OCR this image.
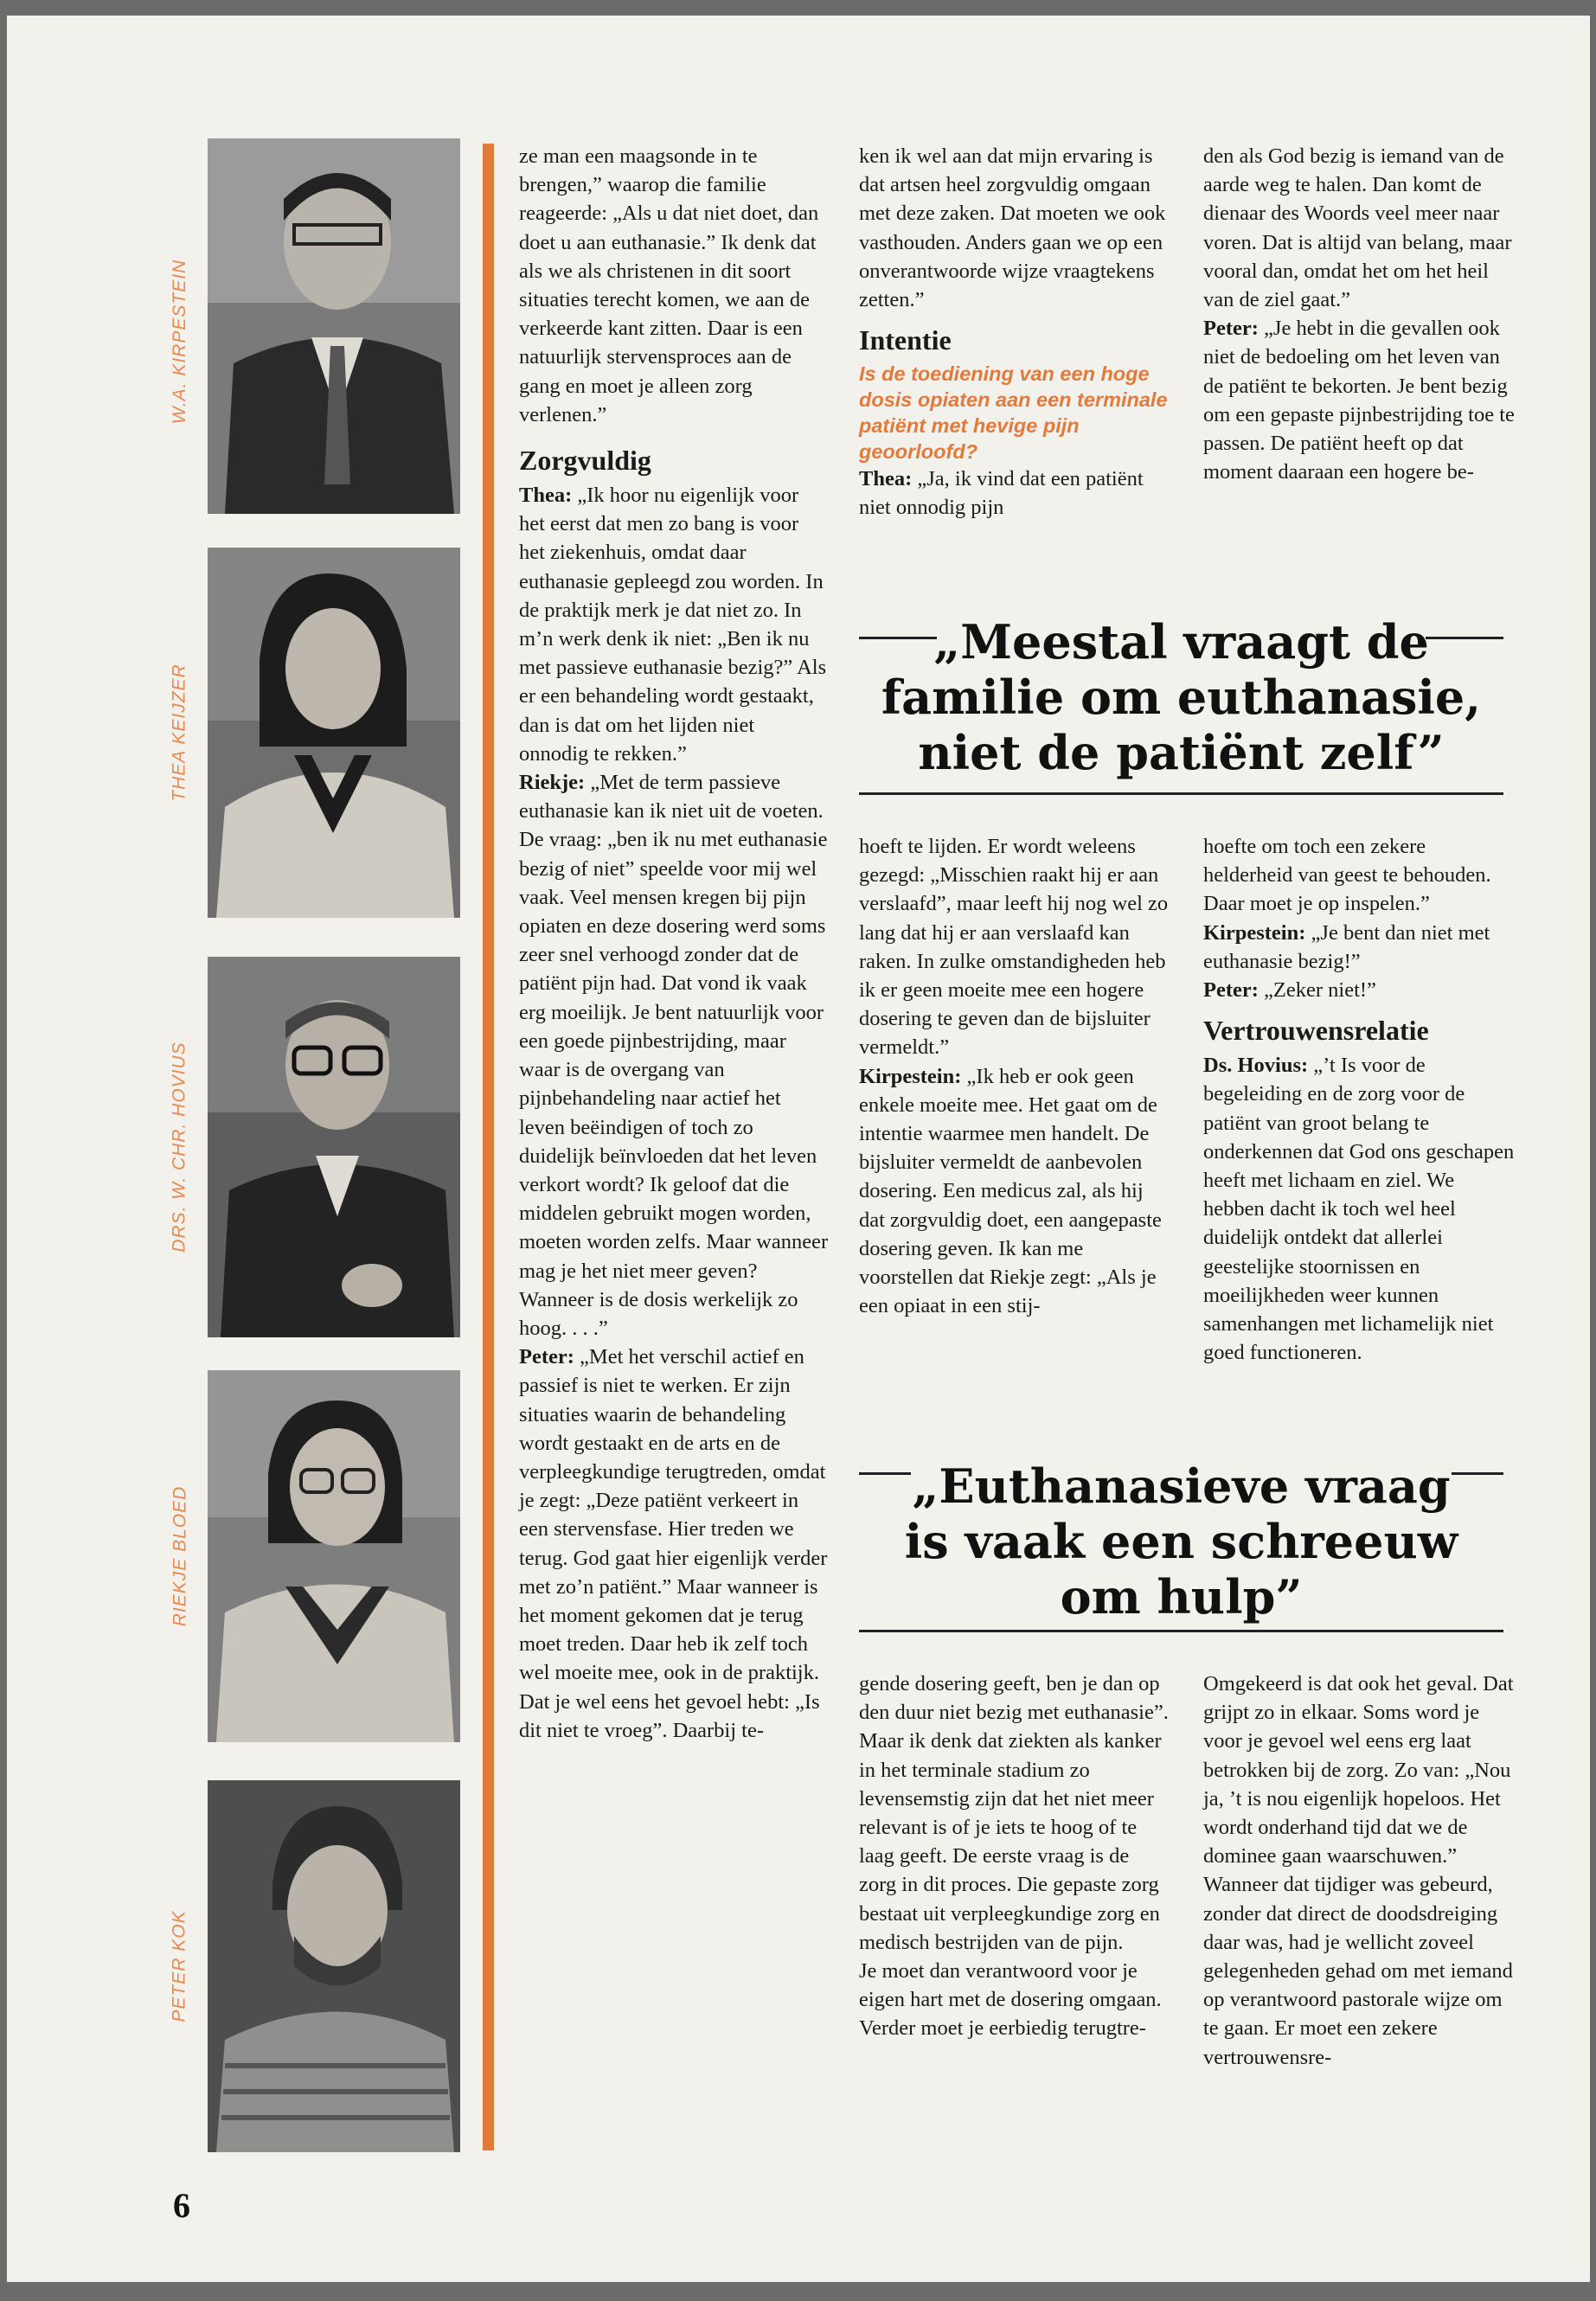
W.A. KIRPESTEIN
THEA KEIJZER
DRS. W. CHR. HOVIUS
RIEKJE BLOED
PETER KOK

ze man een maagsonde in te brengen,” waarop die familie reageerde: „Als u dat niet doet, dan doet u aan euthanasie.” Ik denk dat als we als christenen in dit soort situaties terecht komen, we aan de verkeerde kant zitten. Daar is een natuurlijk stervensproces aan de gang en moet je alleen zorg verlenen.”

Zorgvuldig

Thea: „Ik hoor nu eigenlijk voor het eerst dat men zo bang is voor het ziekenhuis, omdat daar euthanasie gepleegd zou worden. In de praktijk merk je dat niet zo. In m’n werk denk ik niet: „Ben ik nu met passieve euthanasie bezig?” Als er een behandeling wordt gestaakt, dan is dat om het lijden niet onnodig te rekken.”

Riekje: „Met de term passieve euthanasie kan ik niet uit de voeten. De vraag: „ben ik nu met euthanasie bezig of niet” speelde voor mij wel vaak. Veel mensen kregen bij pijn opiaten en deze dosering werd soms zeer snel verhoogd zonder dat de patiënt pijn had. Dat vond ik vaak erg moeilijk. Je bent natuurlijk voor een goede pijnbestrijding, maar waar is de overgang van pijnbehandeling naar actief het leven beëindigen of toch zo duidelijk beïnvloeden dat het leven verkort wordt? Ik geloof dat die middelen gebruikt mogen worden, moeten worden zelfs. Maar wanneer mag je het niet meer geven? Wanneer is de dosis werkelijk zo hoog. . . .”

Peter: „Met het verschil actief en passief is niet te werken. Er zijn situaties waarin de behandeling wordt gestaakt en de arts en de verpleegkundige terugtreden, omdat je zegt: „Deze patiënt verkeert in een stervensfase. Hier treden we terug. God gaat hier eigenlijk verder met zo’n patiënt.” Maar wanneer is het moment gekomen dat je terug moet treden. Daar heb ik zelf toch wel moeite mee, ook in de praktijk. Dat je wel eens het gevoel hebt: „Is dit niet te vroeg”. Daarbij te-

ken ik wel aan dat mijn ervaring is dat artsen heel zorgvuldig omgaan met deze zaken. Dat moeten we ook vasthouden. Anders gaan we op een onverantwoorde wijze vraagtekens zetten.”

Intentie

Is de toediening van een hoge dosis opiaten aan een terminale patiënt met hevige pijn geoorloofd?

Thea: „Ja, ik vind dat een patiënt niet onnodig pijn

den als God bezig is iemand van de aarde weg te halen. Dan komt de dienaar des Woords veel meer naar voren. Dat is altijd van belang, maar vooral dan, omdat het om het heil van de ziel gaat.”

Peter: „Je hebt in die gevallen ook niet de bedoeling om het leven van de patiënt te bekorten. Je bent bezig om een gepaste pijnbestrijding toe te passen. De patiënt heeft op dat moment daaraan een hogere be-

„Meestal vraagt de
familie om euthanasie,
niet de patiënt zelf”

hoeft te lijden. Er wordt weleens gezegd: „Misschien raakt hij er aan verslaafd”, maar leeft hij nog wel zo lang dat hij er aan verslaafd kan raken. In zulke omstandigheden heb ik er geen moeite mee een hogere dosering te geven dan de bijsluiter vermeldt.”

Kirpestein: „Ik heb er ook geen enkele moeite mee. Het gaat om de intentie waarmee men handelt. De bijsluiter vermeldt de aanbevolen dosering. Een medicus zal, als hij dat zorgvuldig doet, een aangepaste dosering geven. Ik kan me voorstellen dat Riekje zegt: „Als je een opiaat in een stij-

hoefte om toch een zekere helderheid van geest te behouden. Daar moet je op inspelen.”

Kirpestein: „Je bent dan niet met euthanasie bezig!”

Peter: „Zeker niet!”

Vertrouwensrelatie

Ds. Hovius: „’t Is voor de begeleiding en de zorg voor de patiënt van groot belang te onderkennen dat God ons geschapen heeft met lichaam en ziel. We hebben dacht ik toch wel heel duidelijk ontdekt dat allerlei geestelijke stoornissen en moeilijkheden weer kunnen samenhangen met lichamelijk niet goed functioneren.

„Euthanasieve vraag
is vaak een schreeuw
om hulp”

gende dosering geeft, ben je dan op den duur niet bezig met euthanasie”. Maar ik denk dat ziekten als kanker in het terminale stadium zo levensemstig zijn dat het niet meer relevant is of je iets te hoog of te laag geeft. De eerste vraag is de zorg in dit proces. Die gepaste zorg bestaat uit verpleegkundige zorg en medisch bestrijden van de pijn.

Je moet dan verantwoord voor je eigen hart met de dosering omgaan. Verder moet je eerbiedig terugtre-

Omgekeerd is dat ook het geval. Dat grijpt zo in elkaar. Soms word je voor je gevoel wel eens erg laat betrokken bij de zorg. Zo van: „Nou ja, ’t is nou eigenlijk hopeloos. Het wordt onderhand tijd dat we de dominee gaan waarschuwen.” Wanneer dat tijdiger was gebeurd, zonder dat direct de doodsdreiging daar was, had je wellicht zoveel gelegenheden gehad om met iemand op verantwoord pastorale wijze om te gaan. Er moet een zekere vertrouwensre-

6
